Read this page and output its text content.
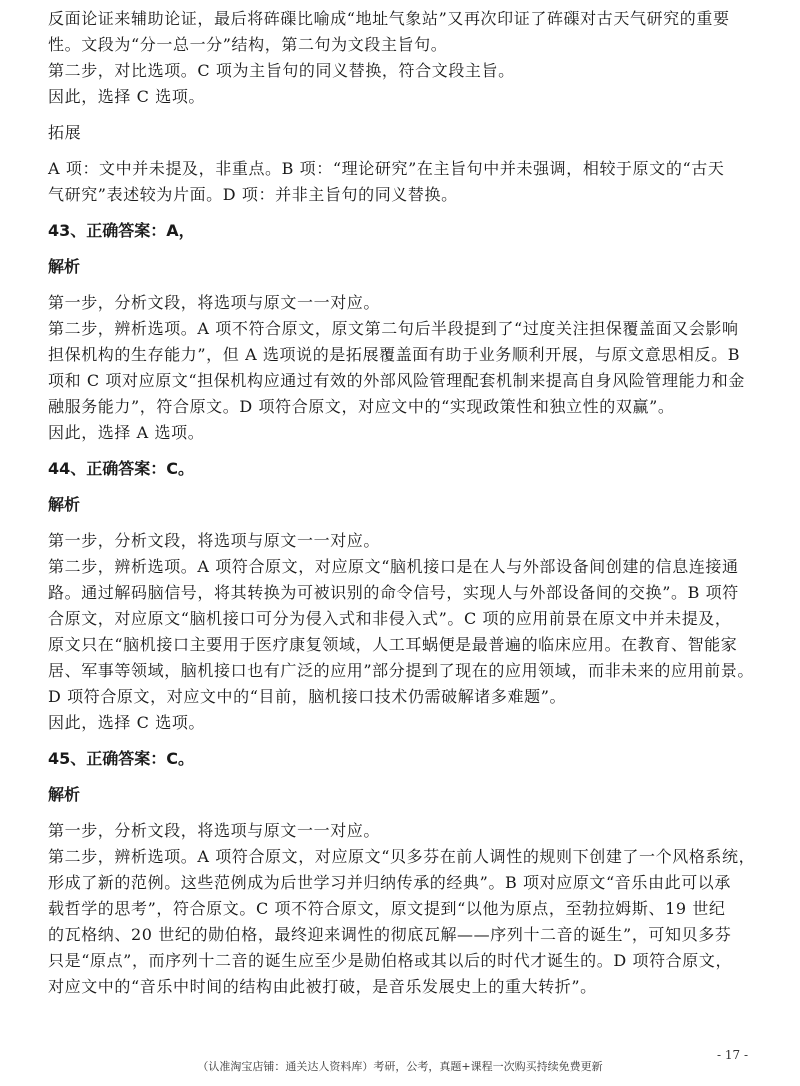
反面论证来辅助论证，最后将砗磲比喻成“地址气象站”又再次印证了砗磲对古天气研究的重要

性。文段为“分一总一分”结构，第二句为文段主旨句。

第二步，对比选项。C 项为主旨句的同义替换，符合文段主旨。

因此，选择 C 选项。

拓展

A 项：文中并未提及，非重点。B 项：“理论研究”在主旨句中并未强调，相较于原文的“古天

气研究”表述较为片面。D 项：并非主旨句的同义替换。

43、正确答案：A，

解析

第一步，分析文段，将选项与原文一一对应。

第二步，辨析选项。A 项不符合原文，原文第二句后半段提到了“过度关注担保覆盖面又会影响

担保机构的生存能力”，但 A 选项说的是拓展覆盖面有助于业务顺利开展，与原文意思相反。B

项和 C 项对应原文“担保机构应通过有效的外部风险管理配套机制来提高自身风险管理能力和金

融服务能力”，符合原文。D 项符合原文，对应文中的“实现政策性和独立性的双赢”。

因此，选择 A 选项。

44、正确答案：C。

解析

第一步，分析文段，将选项与原文一一对应。

第二步，辨析选项。A 项符合原文，对应原文“脑机接口是在人与外部设备间创建的信息连接通

路。通过解码脑信号，将其转换为可被识别的命令信号，实现人与外部设备间的交换”。B 项符

合原文，对应原文“脑机接口可分为侵入式和非侵入式”。C 项的应用前景在原文中并未提及，

原文只在“脑机接口主要用于医疗康复领域，人工耳蜗便是最普遍的临床应用。在教育、智能家

居、军事等领域，脑机接口也有广泛的应用”部分提到了现在的应用领域，而非未来的应用前景。

D 项符合原文，对应文中的“目前，脑机接口技术仍需破解诸多难题”。

因此，选择 C 选项。

45、正确答案：C。

解析

第一步，分析文段，将选项与原文一一对应。

第二步，辨析选项。A 项符合原文，对应原文“贝多芬在前人调性的规则下创建了一个风格系统，

形成了新的范例。这些范例成为后世学习并归纳传承的经典”。B 项对应原文“音乐由此可以承

载哲学的思考”，符合原文。C 项不符合原文，原文提到“以他为原点，至勃拉姆斯、19 世纪

的瓦格纳、20 世纪的勋伯格，最终迎来调性的彻底瓦解——序列十二音的诞生”，可知贝多芬

只是“原点”，而序列十二音的诞生应至少是勋伯格或其以后的时代才诞生的。D 项符合原文，

对应文中的“音乐中时间的结构由此被打破，是音乐发展史上的重大转折”。

- 17 -
（认准淘宝店铺：通关达人资料库）考研，公考，真题+课程一次购买持续免费更新
